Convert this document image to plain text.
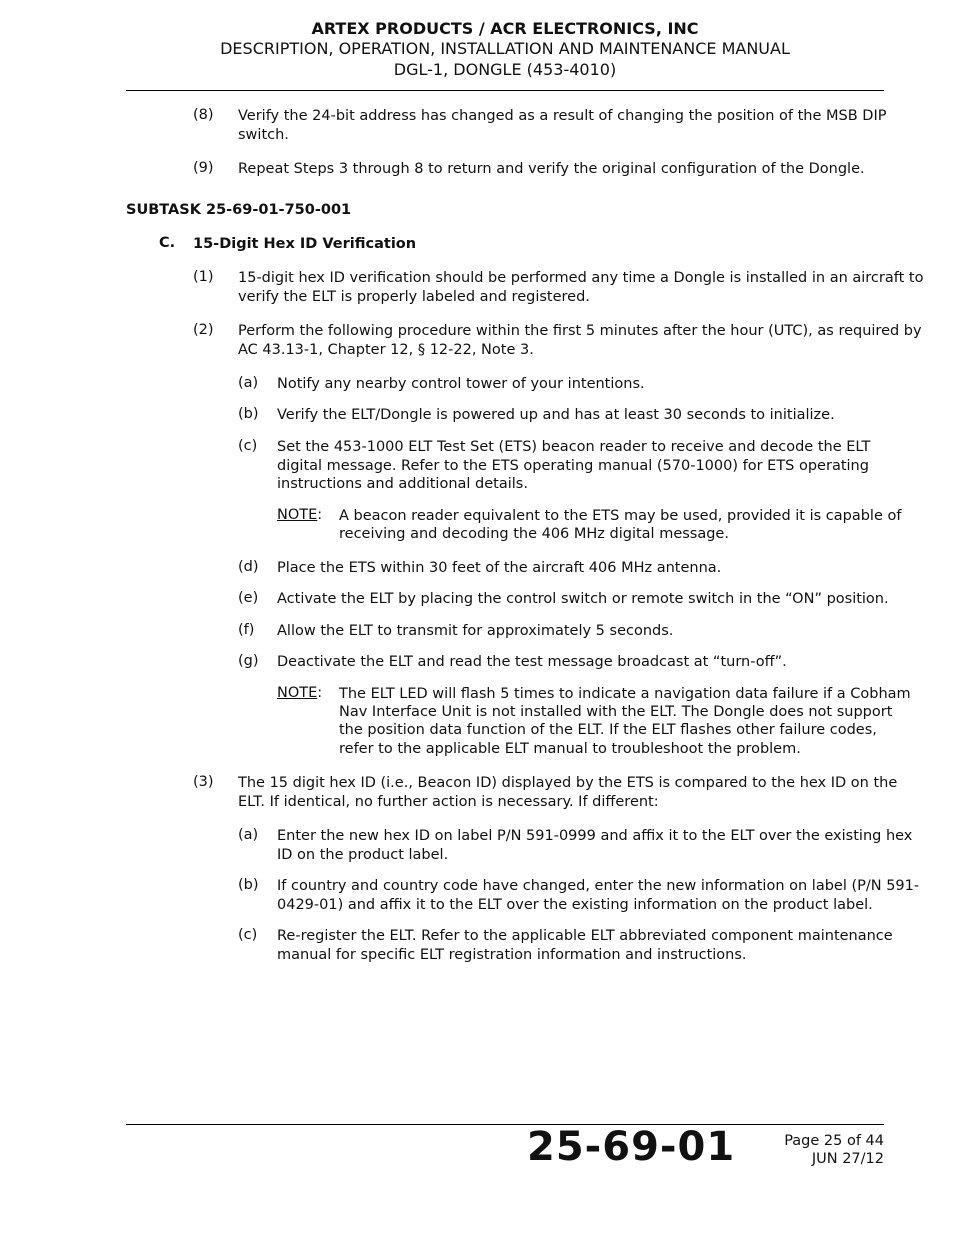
ARTEX PRODUCTS / ACR ELECTRONICS, INC
DESCRIPTION, OPERATION, INSTALLATION AND MAINTENANCE MANUAL
DGL-1, DONGLE (453-4010)
(8) Verify the 24-bit address has changed as a result of changing the position of the MSB DIP
switch.
(9) Repeat Steps 3 through 8 to return and verify the original configuration of the Dongle.
SUBTASK 25-69-01-750-001
C. 15-Digit Hex ID Verification
(1) 15-digit hex ID verification should be performed any time a Dongle is installed in an aircraft to
verify the ELT is properly labeled and registered.
(2) Perform the following procedure within the first 5 minutes after the hour (UTC), as required by
AC 43.13-1, Chapter 12, § 12-22, Note 3.
(a) Notify any nearby control tower of your intentions.
(b) Verify the ELT/Dongle is powered up and has at least 30 seconds to initialize.
(c) Set the 453-1000 ELT Test Set (ETS) beacon reader to receive and decode the ELT
digital message. Refer to the ETS operating manual (570-1000) for ETS operating
instructions and additional details.
NOTE: A beacon reader equivalent to the ETS may be used, provided it is capable of
receiving and decoding the 406 MHz digital message.
(d) Place the ETS within 30 feet of the aircraft 406 MHz antenna.
(e) Activate the ELT by placing the control switch or remote switch in the “ON” position.
(f) Allow the ELT to transmit for approximately 5 seconds.
(g) Deactivate the ELT and read the test message broadcast at “turn-off”.
NOTE: The ELT LED will flash 5 times to indicate a navigation data failure if a Cobham
Nav Interface Unit is not installed with the ELT. The Dongle does not support
the position data function of the ELT. If the ELT flashes other failure codes,
refer to the applicable ELT manual to troubleshoot the problem.
(3) The 15 digit hex ID (i.e., Beacon ID) displayed by the ETS is compared to the hex ID on the
ELT. If identical, no further action is necessary. If different:
(a) Enter the new hex ID on label P/N 591-0999 and affix it to the ELT over the existing hex
ID on the product label.
(b) If country and country code have changed, enter the new information on label (P/N 591-
0429-01) and affix it to the ELT over the existing information on the product label.
(c) Re-register the ELT. Refer to the applicable ELT abbreviated component maintenance
manual for specific ELT registration information and instructions.
25-69-01	Page 25 of 44
JUN 27/12
